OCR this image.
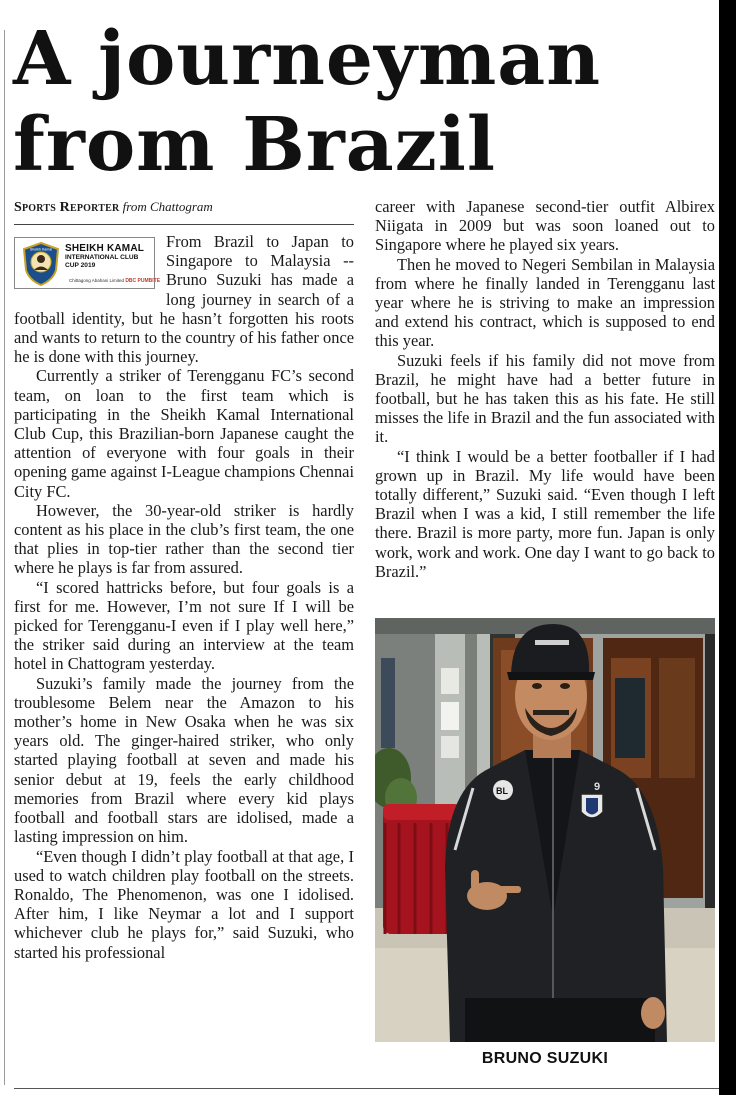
A journeyman from Brazil
Sports Reporter from Chattogram

Sheikh Kamal SHEIKH KAMAL
INTERNATIONAL CLUB
CUP 2019
Chittagong Abahani Limited DBC PUMBITE
From Brazil to Japan to Singapore to Malaysia -- Bruno Suzuki has made a long journey in search of a football identity, but he hasn’t forgotten his roots and wants to return to the country of his father once he is done with this journey.

Currently a striker of Terengganu FC’s second team, on loan to the first team which is participating in the Sheikh Kamal International Club Cup, this Brazilian-born Japanese caught the attention of everyone with four goals in their opening game against I-League champions Chennai City FC.

However, the 30-year-old striker is hardly content as his place in the club’s first team, the one that plies in top-tier rather than the second tier where he plays is far from assured.

“I scored hattricks before, but four goals is a first for me. However, I’m not sure If I will be picked for Terengganu-I even if I play well here,” the striker said during an interview at the team hotel in Chattogram yesterday.

Suzuki’s family made the journey from the troublesome Belem near the Amazon to his mother’s home in New Osaka when he was six years old. The ginger-haired striker, who only started playing football at seven and made his senior debut at 19, feels the early childhood memories from Brazil where every kid plays football and football stars are idolised, made a lasting impression on him.

“Even though I didn’t play football at that age, I used to watch children play football on the streets. Ronaldo, The Phenomenon, was one I idolised. After him, I like Neymar a lot and I support whichever club he plays for,” said Suzuki, who started his professional

career with Japanese second-tier outfit Albirex Niigata in 2009 but was soon loaned out to Singapore where he played six years.

Then he moved to Negeri Sembilan in Malaysia from where he finally landed in Terengganu last year where he is striving to make an impression and extend his contract, which is supposed to end this year.

Suzuki feels if his family did not move from Brazil, he might have had a better future in football, but he has taken this as his fate. He still misses the life in Brazil and the fun associated with it.

“I think I would be a better footballer if I had grown up in Brazil. My life would have been totally different,” Suzuki said. “Even though I left Brazil when I was a kid, I still remember the life there. Brazil is more party, more fun. Japan is only work, work and work. One day I want to go back to Brazil.”

9
BL
BRUNO SUZUKI
